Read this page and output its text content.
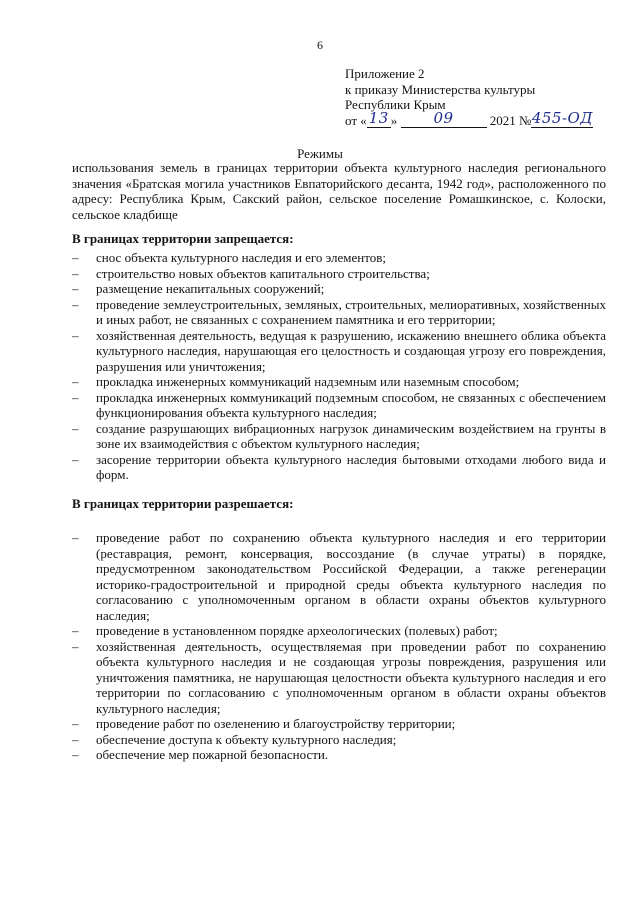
6
Приложение 2
к приказу Министерства культуры
Республики Крым
от « 13 » 09	2021 №455-ОД
Режимы
использования земель в границах территории объекта культурного наследия регионального значения «Братская могила участников Евпаторийского десанта, 1942 год», расположенного по адресу: Республика Крым, Сакский район, сельское поселение Ромашкинское, с. Колоски, сельское кладбище
В границах территории запрещается:
–	снос объекта культурного наследия и его элементов;
–	строительство новых объектов капитального строительства;
–	размещение некапитальных сооружений;
–	проведение землеустроительных, земляных, строительных, мелиоративных, хозяйственных и иных работ, не связанных с сохранением памятника и его территории;
–	хозяйственная деятельность, ведущая к разрушению, искажению внешнего облика объекта культурного наследия, нарушающая его целостность и создающая угрозу его повреждения, разрушения или уничтожения;
–	прокладка инженерных коммуникаций надземным или наземным способом;
–	прокладка инженерных коммуникаций подземным способом, не связанных с обеспечением функционирования объекта культурного наследия;
–	создание разрушающих вибрационных нагрузок динамическим воздействием на грунты в зоне их взаимодействия с объектом культурного наследия;
–	засорение территории объекта культурного наследия бытовыми отходами любого вида и форм.
В границах территории разрешается:
–	проведение работ по сохранению объекта культурного наследия и его территории (реставрация, ремонт, консервация, воссоздание (в случае утраты) в порядке, предусмотренном законодательством Российской Федерации, а также регенерации историко-градостроительной и природной среды объекта культурного наследия по согласованию с уполномоченным органом в области охраны объектов культурного наследия;
–	проведение в установленном порядке археологических (полевых) работ;
–	хозяйственная деятельность, осуществляемая при проведении работ по сохранению объекта культурного наследия и не создающая угрозы повреждения, разрушения или уничтожения памятника, не нарушающая целостности объекта культурного наследия и его территории по согласованию с уполномоченным органом в области охраны объектов культурного наследия;
–	проведение работ по озеленению и благоустройству территории;
–	обеспечение доступа к объекту культурного наследия;
–	обеспечение мер пожарной безопасности.
